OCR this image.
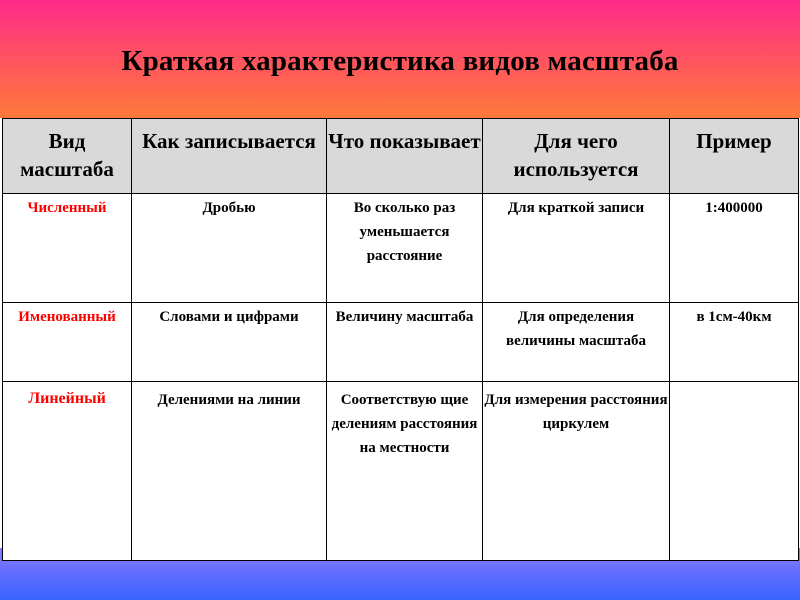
Краткая характеристика видов масштаба
Вид масштаба	Как записывается	Что показывает	Для чего используется	Пример

Численный	Дробью	Во сколько раз уменьшается расстояние	Для краткой записи	1:400000
Именованный	Словами и цифрами	Величину масштаба	Для определения величины масштаба	в 1см-40км
Линейный	Делениями на линии	Соответствую щие делениям расстояния на местности	Для измерения расстояния циркулем	
